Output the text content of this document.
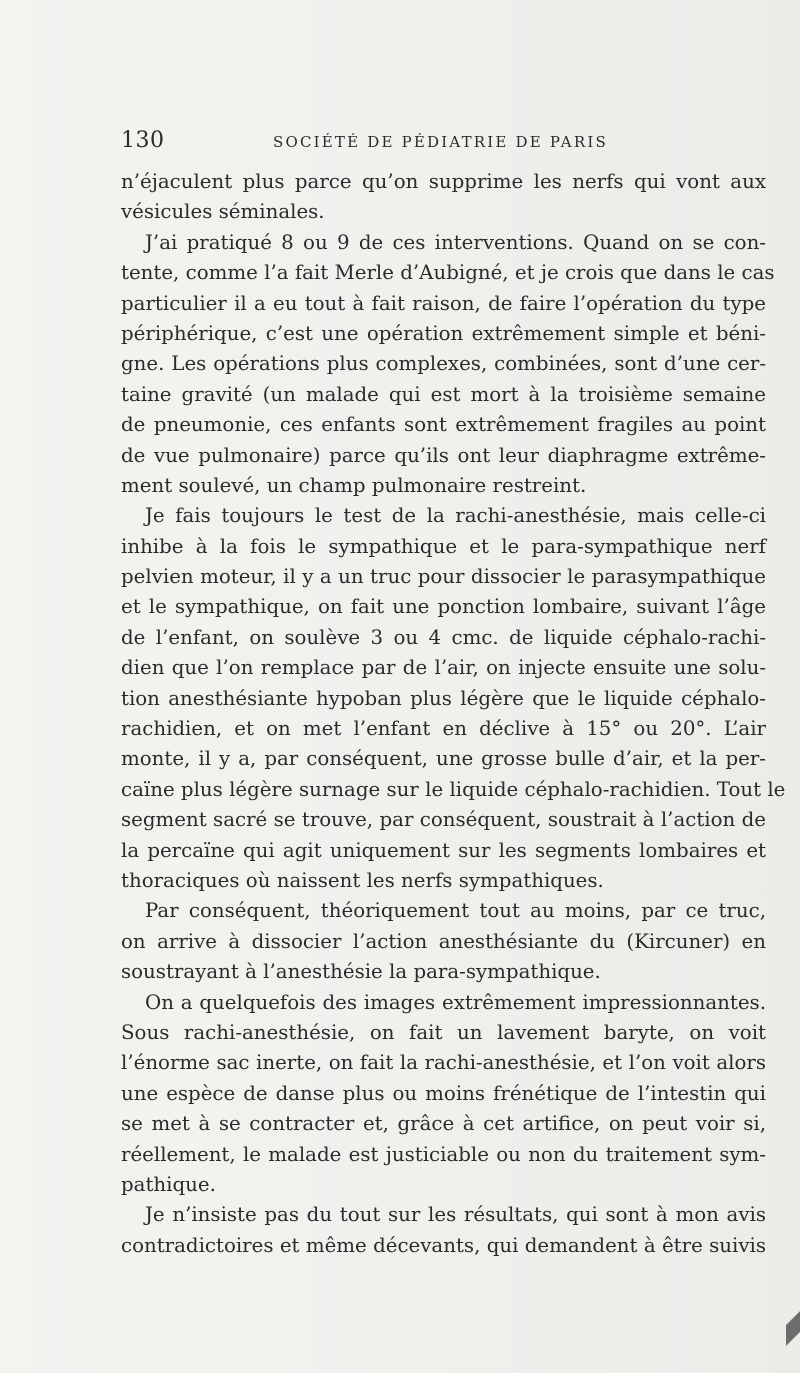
130	SOCIÉTÉ DE PÉDIATRIE DE PARIS
n’éjaculent plus parce qu’on supprime les nerfs qui vont aux
vésicules séminales.
J’ai pratiqué 8 ou 9 de ces interventions. Quand on se con-
tente, comme l’a fait Merle d’Aubigné, et je crois que dans le cas
particulier il a eu tout à fait raison, de faire l’opération du type
périphérique, c’est une opération extrêmement simple et béni-
gne. Les opérations plus complexes, combinées, sont d’une cer-
taine gravité (un malade qui est mort à la troisième semaine
de pneumonie, ces enfants sont extrêmement fragiles au point
de vue pulmonaire) parce qu’ils ont leur diaphragme extrême-
ment soulevé, un champ pulmonaire restreint.
Je fais toujours le test de la rachi-anesthésie, mais celle-ci
inhibe à la fois le sympathique et le para-sympathique nerf
pelvien moteur, il y a un truc pour dissocier le parasympathique
et le sympathique, on fait une ponction lombaire, suivant l’âge
de l’enfant, on soulève 3 ou 4 cmc. de liquide céphalo-rachi-
dien que l’on remplace par de l’air, on injecte ensuite une solu-
tion anesthésiante hypoban plus légère que le liquide céphalo-
rachidien, et on met l’enfant en déclive à 15° ou 20°. L’air
monte, il y a, par conséquent, une grosse bulle d’air, et la per-
caïne plus légère surnage sur le liquide céphalo-rachidien. Tout le
segment sacré se trouve, par conséquent, soustrait à l’action de
la percaïne qui agit uniquement sur les segments lombaires et
thoraciques où naissent les nerfs sympathiques.
Par conséquent, théoriquement tout au moins, par ce truc,
on arrive à dissocier l’action anesthésiante du (Kircuner) en
soustrayant à l’anesthésie la para-sympathique.
On a quelquefois des images extrêmement impressionnantes.
Sous rachi-anesthésie, on fait un lavement baryte, on voit
l’énorme sac inerte, on fait la rachi-anesthésie, et l’on voit alors
une espèce de danse plus ou moins frénétique de l’intestin qui
se met à se contracter et, grâce à cet artifice, on peut voir si,
réellement, le malade est justiciable ou non du traitement sym-
pathique.
Je n’insiste pas du tout sur les résultats, qui sont à mon avis
contradictoires et même décevants, qui demandent à être suivis
